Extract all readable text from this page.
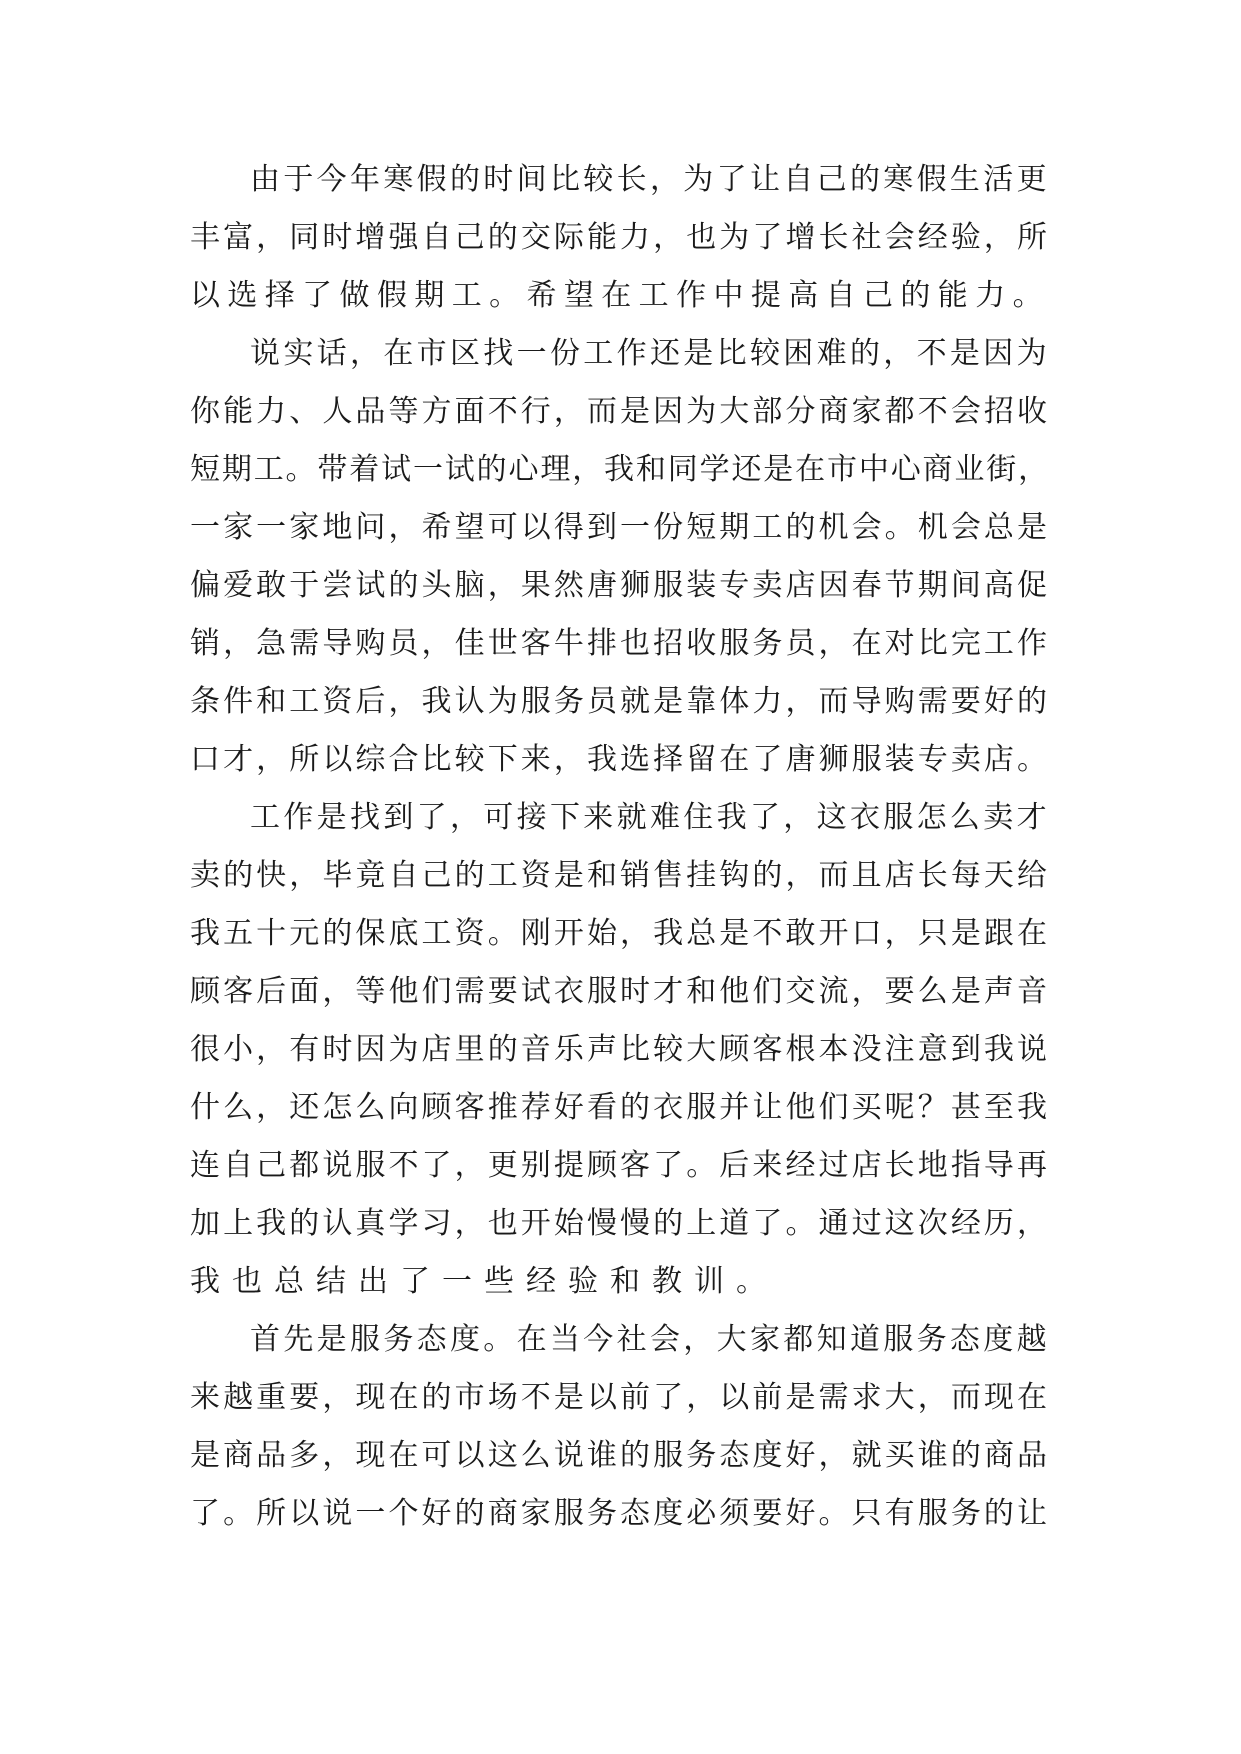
由于今年寒假的时间比较长，为了让自己的寒假生活更
丰富，同时增强自己的交际能力，也为了增长社会经验，所
以选择了做假期工。希望在工作中提高自己的能力。
说实话，在市区找一份工作还是比较困难的，不是因为
你能力、人品等方面不行，而是因为大部分商家都不会招收
短期工。带着试一试的心理，我和同学还是在市中心商业街，
一家一家地问，希望可以得到一份短期工的机会。机会总是
偏爱敢于尝试的头脑，果然唐狮服装专卖店因春节期间高促
销，急需导购员，佳世客牛排也招收服务员，在对比完工作
条件和工资后，我认为服务员就是靠体力，而导购需要好的
口才，所以综合比较下来，我选择留在了唐狮服装专卖店。
工作是找到了，可接下来就难住我了，这衣服怎么卖才
卖的快，毕竟自己的工资是和销售挂钩的，而且店长每天给
我五十元的保底工资。刚开始，我总是不敢开口，只是跟在
顾客后面，等他们需要试衣服时才和他们交流，要么是声音
很小，有时因为店里的音乐声比较大顾客根本没注意到我说
什么，还怎么向顾客推荐好看的衣服并让他们买呢？甚至我
连自己都说服不了，更别提顾客了。后来经过店长地指导再
加上我的认真学习，也开始慢慢的上道了。通过这次经历，
我也总结出了一些经验和教训。
首先是服务态度。在当今社会，大家都知道服务态度越
来越重要，现在的市场不是以前了，以前是需求大，而现在
是商品多，现在可以这么说谁的服务态度好，就买谁的商品
了。所以说一个好的商家服务态度必须要好。只有服务的让
